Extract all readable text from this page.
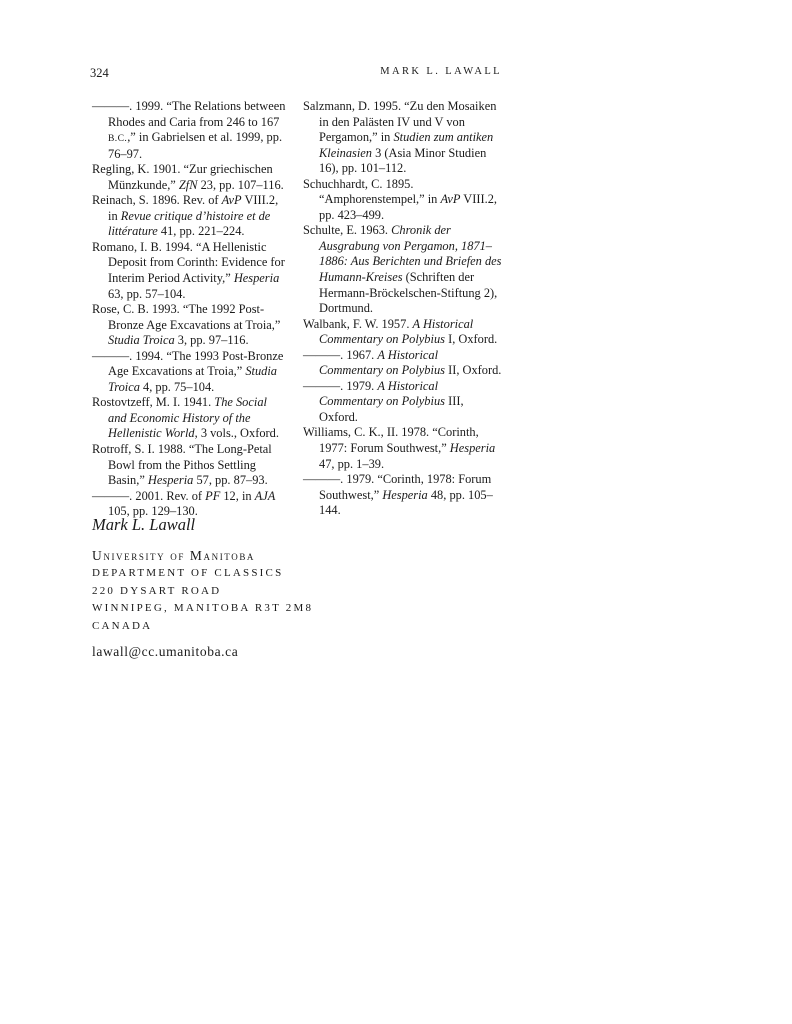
324	MARK L. LAWALL
———. 1999. “The Relations between Rhodes and Caria from 246 to 167 B.C.,” in Gabrielsen et al. 1999, pp. 76–97.
Regling, K. 1901. “Zur griechischen Münzkunde,” ZfN 23, pp. 107–116.
Reinach, S. 1896. Rev. of AvP VIII.2, in Revue critique d’histoire et de littérature 41, pp. 221–224.
Romano, I. B. 1994. “A Hellenistic Deposit from Corinth: Evidence for Interim Period Activity,” Hesperia 63, pp. 57–104.
Rose, C. B. 1993. “The 1992 Post-Bronze Age Excavations at Troia,” Studia Troica 3, pp. 97–116.
———. 1994. “The 1993 Post-Bronze Age Excavations at Troia,” Studia Troica 4, pp. 75–104.
Rostovtzeff, M. I. 1941. The Social and Economic History of the Hellenistic World, 3 vols., Oxford.
Rotroff, S. I. 1988. “The Long-Petal Bowl from the Pithos Settling Basin,” Hesperia 57, pp. 87–93.
———. 2001. Rev. of PF 12, in AJA 105, pp. 129–130.
Salzmann, D. 1995. “Zu den Mosaiken in den Palästen IV und V von Pergamon,” in Studien zum antiken Kleinasien 3 (Asia Minor Studien 16), pp. 101–112.
Schuchhardt, C. 1895. “Amphorenstempel,” in AvP VIII.2, pp. 423–499.
Schulte, E. 1963. Chronik der Ausgrabung von Pergamon, 1871–1886: Aus Berichten und Briefen des Humann-Kreises (Schriften der Hermann-Bröckelschen-Stiftung 2), Dortmund.
Walbank, F. W. 1957. A Historical Commentary on Polybius I, Oxford.
———. 1967. A Historical Commentary on Polybius II, Oxford.
———. 1979. A Historical Commentary on Polybius III, Oxford.
Williams, C. K., II. 1978. “Corinth, 1977: Forum Southwest,” Hesperia 47, pp. 1–39.
———. 1979. “Corinth, 1978: Forum Southwest,” Hesperia 48, pp. 105–144.
Mark L. Lawall
University of Manitoba
DEPARTMENT OF CLASSICS
220 DYSART ROAD
WINNIPEG, MANITOBA R3T 2M8
CANADA
lawall@cc.umanitoba.ca
